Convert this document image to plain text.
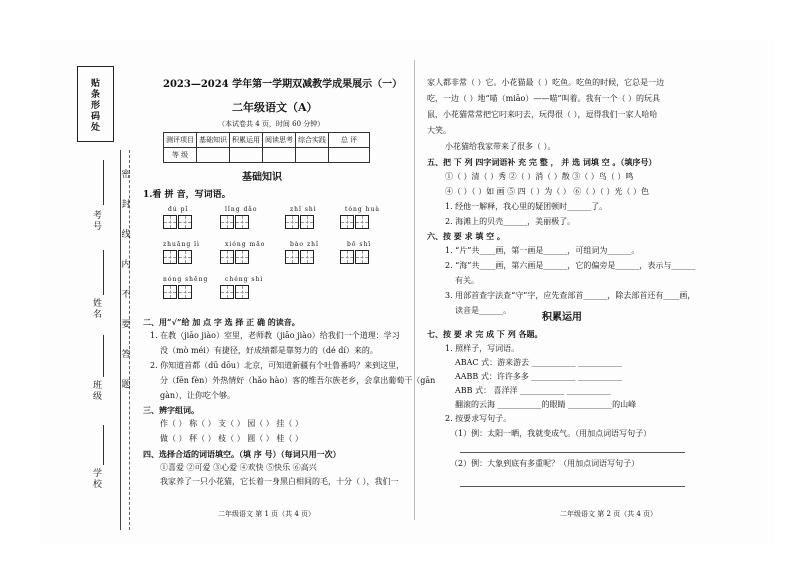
贴条形码处
密
封
线
内
不
要
答
题
考号
姓名
班级
学校
2023—2024 学年第一学期双减教学成果展示（一）
二年级语文（A）
（本试卷共 4 页，时间 60 分钟）
测评项目	基础知识	积累运用	阅读思考	综合实践	总 评
等 级					
基础知识
1.看 拼 音，写词语。
dú pǐ	lǐng dǎo	zhǐ shì	tóng huà
zhuāng lì	xióng māo	bào zhǐ	bō shī
nóng shēng	chéng shì
二、用“√”给 加 点 字 选 择 正 确 的读音。
1. 在教（jiāo jiào）室里，老师教（jiāo jiào）给我们一个道理：学习
没（mò méi）有捷径，好成绩都是靠努力的（dé dí）来的。
2. 你知道首都（dū dōu）北京，可知道新疆有个吐鲁番吗？来到这里，
分（fēn fèn）外热情好（hǎo hào）客的维吾尔族老乡，会拿出葡萄干（gān
gàn），让你吃个够。
三、辨字组词。
作（ ） 称（ ） 支（ ） 园（ ） 挂（ ）
做（ ） 秤（ ） 枝（ ） 圆（ ） 桂（ ）
四、选择合适的词语填空。（填 序 号）（每词只用一次）
①喜爱 ②可爱 ③心爱 ④欢快 ⑤快乐 ⑥高兴
我家养了一只小花猫，它长着一身黑白相间的毛，十分（ ），我们一
二年级语文 第 1 页（共 4 页）
家人都非常（ ）它。小花猫最（ ）吃鱼。吃鱼的时候，它总是一边
吃，一边（ ）地“喵（miāo）——喵”叫着。我有一个（ ）的玩具
鼠，小花猫常常把它叼来叼去，玩得很（ ），逗得我们一家人哈哈
大笑。
小花猫给我家带来了很多（ ）。
五、把 下 列 四字词语补 充 完 整 ， 并 选 词填 空 。（填序号）
①（ ）清（ ）秀 ②（ ）消（ ）散 ③（ ）鸟（ ）鸣
④（ ）（ ）如 画 ⑤ 四（ ）为（ ） ⑥（ ）（ ）光（ ）色
1. 经他一解释，我心里的疑团顿时______了。
2. 海滩上的贝壳______，美丽极了。
六、按 要 求 填 空 。
1. “片”共____画，第一画是______，可组词为______。
2. “海”共____画，第六画是______，它的偏旁是______，表示与______
有关。
3. 用部首查字法查“守”字，应先查部首______，除去部首还有____画，
读音是______。
积累运用
七、按 要 求 完 成 下 列 各题。
1. 照样子，写词语。
ABAC 式：游来游去 ___________ ___________
AABB 式：许许多多 ___________ ___________
ABB 式： 喜洋洋 ___________ ___________
翻滚的云海 ___________的眼睛 ___________的山峰
2. 按要求写句子。
（1）例：太阳一晒，我就变成气。（用加点词语写句子）
（2）例：大象到底有多重呢？（用加点词语写句子）
二年级语文 第 2 页（共 4 页）
